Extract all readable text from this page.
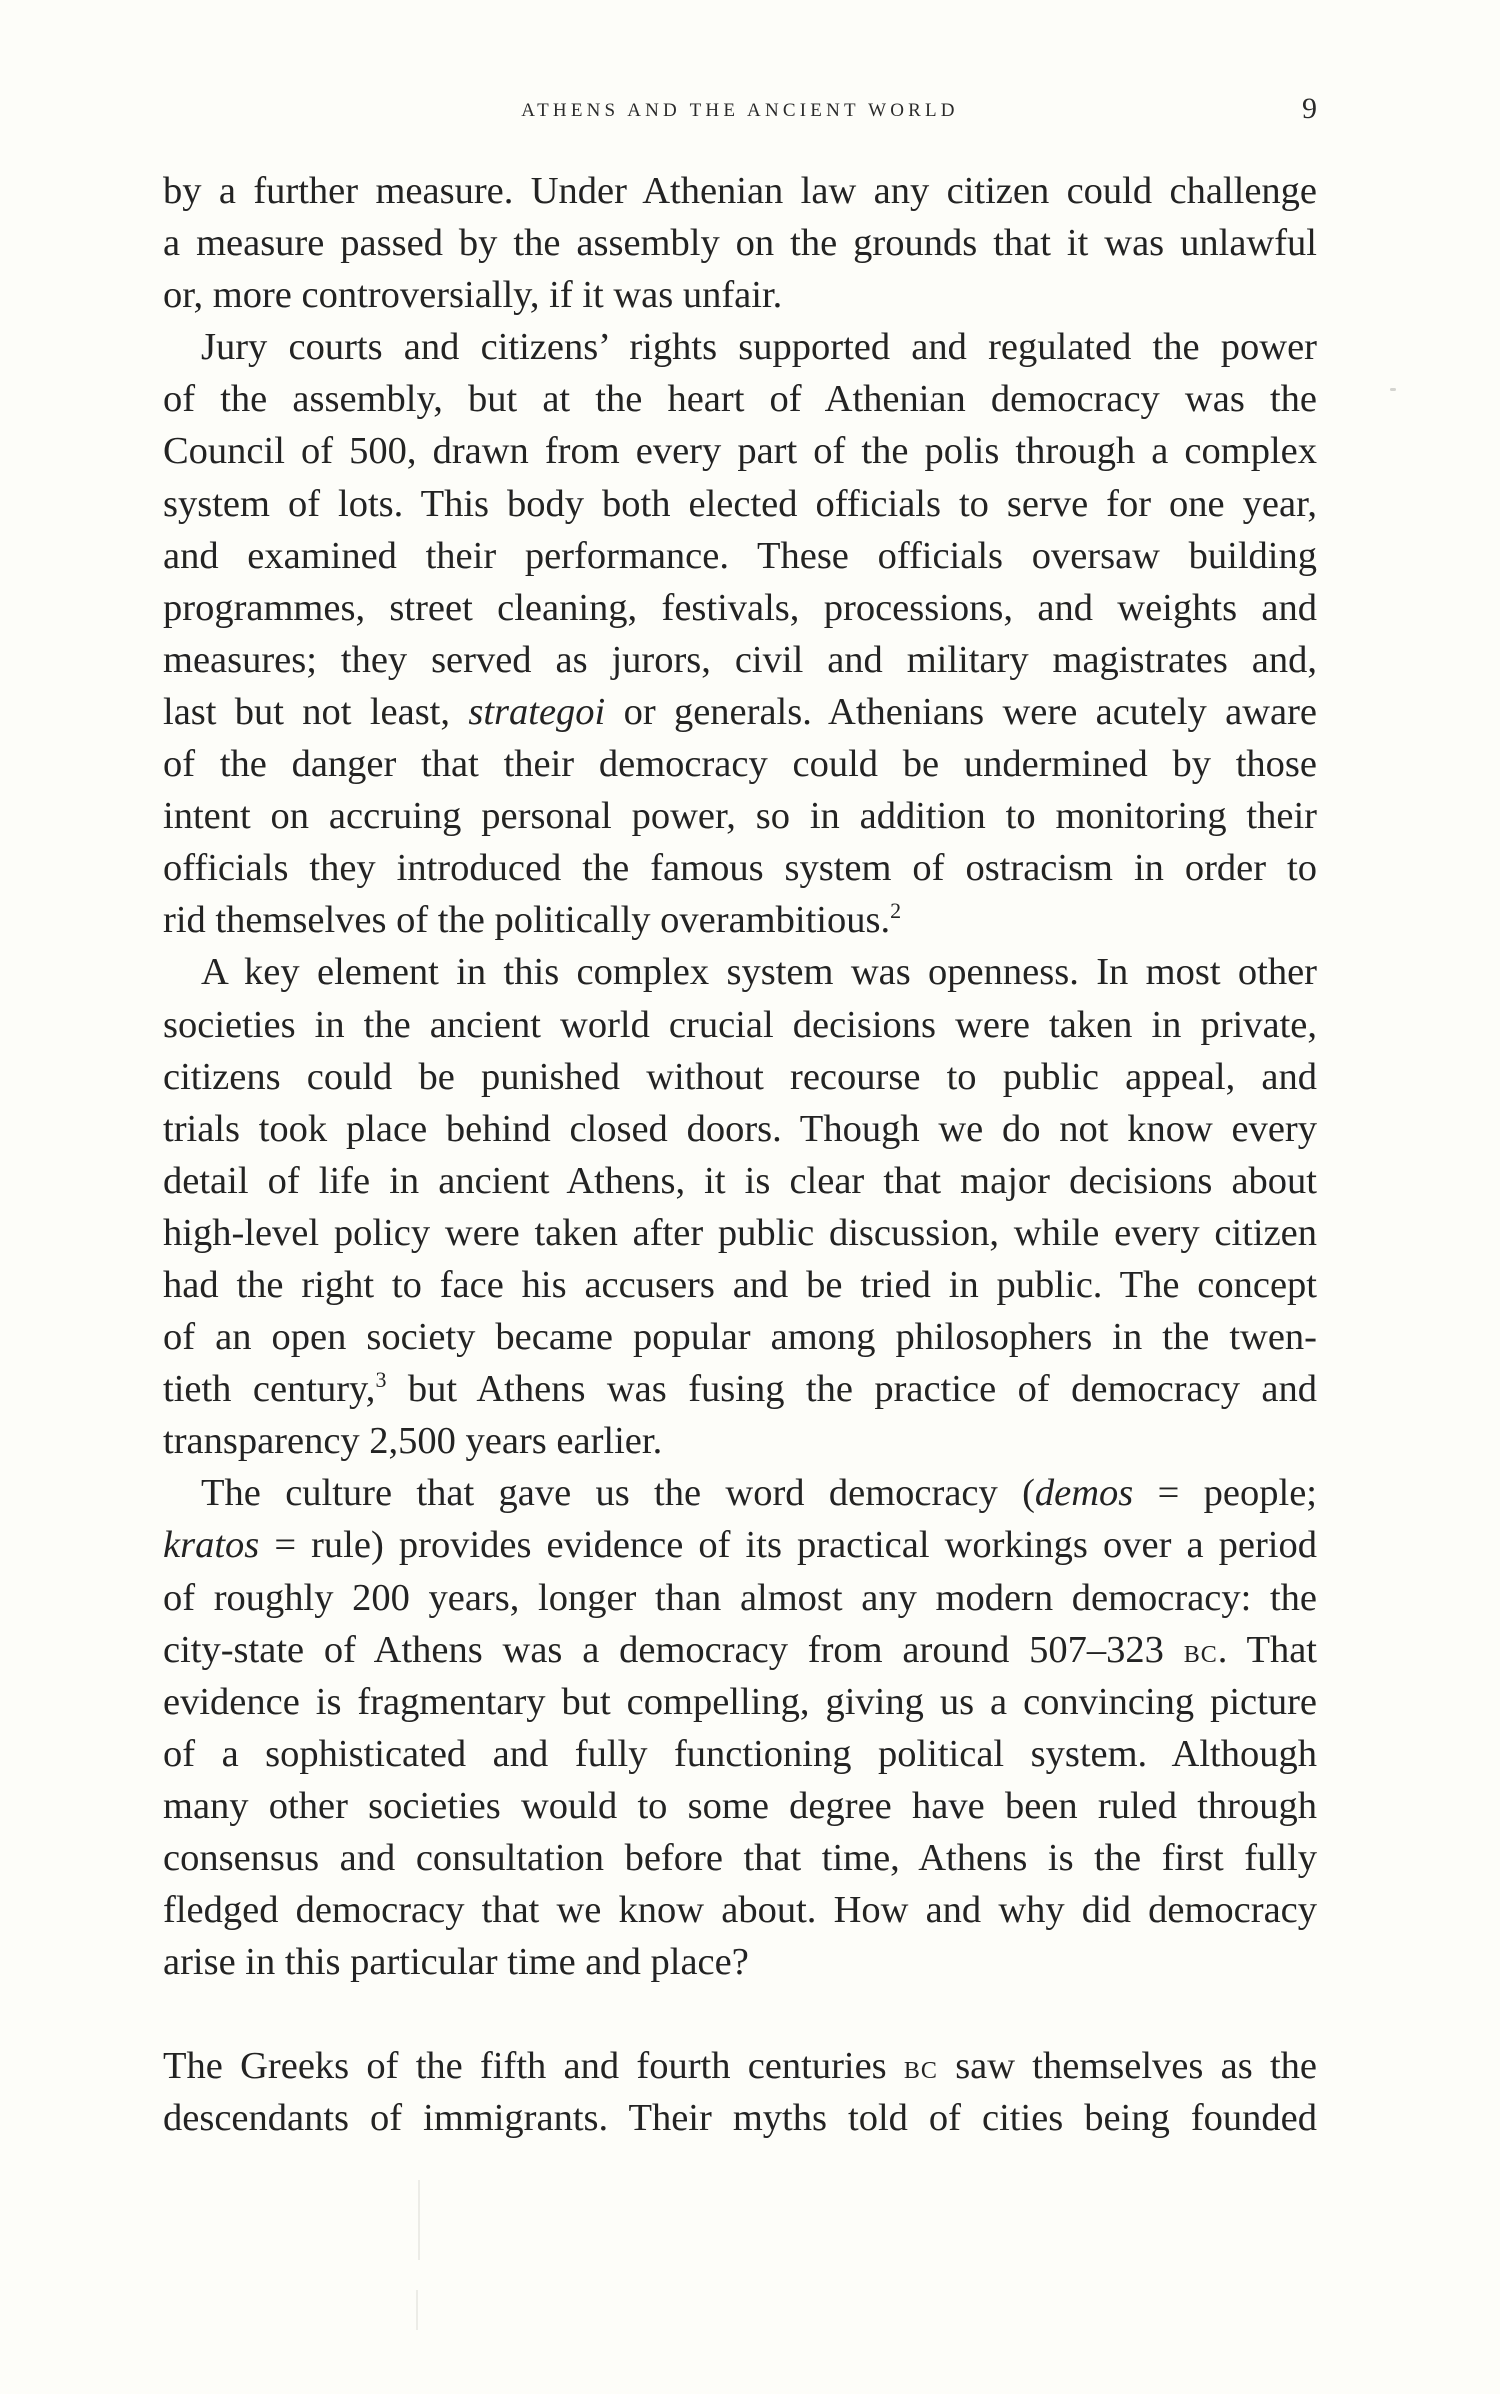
ATHENS AND THE ANCIENT WORLD	9
by a further measure. Under Athenian law any citizen could challenge
a measure passed by the assembly on the grounds that it was unlawful
or, more controversially, if it was unfair.
Jury courts and citizens’ rights supported and regulated the power
of the assembly, but at the heart of Athenian democracy was the
Council of 500, drawn from every part of the polis through a complex
system of lots. This body both elected officials to serve for one year,
and examined their performance. These officials oversaw building
programmes, street cleaning, festivals, processions, and weights and
measures; they served as jurors, civil and military magistrates and,
last but not least, strategoi or generals. Athenians were acutely aware
of the danger that their democracy could be undermined by those
intent on accruing personal power, so in addition to monitoring their
officials they introduced the famous system of ostracism in order to
rid themselves of the politically overambitious.$^2$
A key element in this complex system was openness. In most other
societies in the ancient world crucial decisions were taken in private,
citizens could be punished without recourse to public appeal, and
trials took place behind closed doors. Though we do not know every
detail of life in ancient Athens, it is clear that major decisions about
high-level policy were taken after public discussion, while every citizen
had the right to face his accusers and be tried in public. The concept
of an open society became popular among philosophers in the twen-
tieth century,$^3$ but Athens was fusing the practice of democracy and
transparency 2,500 years earlier.
The culture that gave us the word democracy (demos = people;
kratos = rule) provides evidence of its practical workings over a period
of roughly 200 years, longer than almost any modern democracy: the
city-state of Athens was a democracy from around 507–323 bc. That
evidence is fragmentary but compelling, giving us a convincing picture
of a sophisticated and fully functioning political system. Although
many other societies would to some degree have been ruled through
consensus and consultation before that time, Athens is the first fully
fledged democracy that we know about. How and why did democracy
arise in this particular time and place?
The Greeks of the fifth and fourth centuries bc saw themselves as the
descendants of immigrants. Their myths told of cities being founded
